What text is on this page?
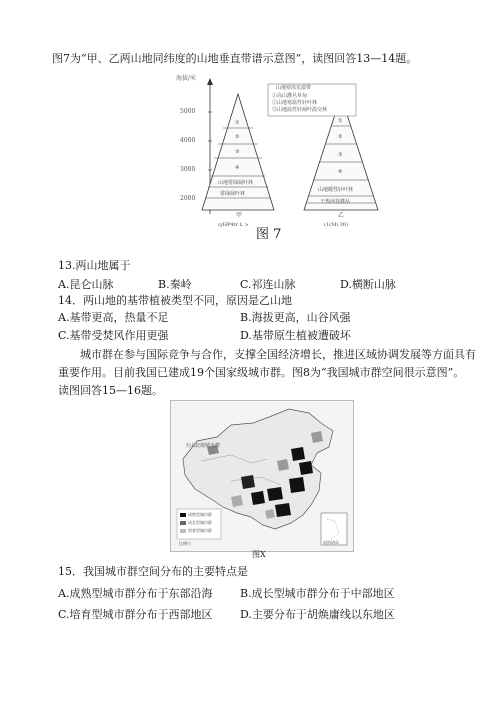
图7为“甲、乙两山地同纬度的山地垂直带谱示意图”，读图回答13—14题。
海拔/米
5000
4000
3000
2000
山地寒冻荒漠带
①高山灌丛草甸
②山地寒温性针叶林
③山地温性针阔叶混交林
①
②
③
④
山地常绿阔叶林
常绿阔叶林
①
②
③
④
山地暖性针叶林
干热河谷灌丛
甲
(yHP4tr L >
乙
(1(M) 30)
图 7
13.两山地属于
A.昆仑山脉	B.秦岭	C.祁连山脉	D.横断山脉
14．两山地的基带植被类型不同，原因是乙山地
A.基带更高，热量不足	B.海拔更高，山谷风强
C.基带受焚风作用更强	D.基带原生植被遭破坏
城市群在参与国际竞争与合作，支撑全国经济增长，推进区域协调发展等方面具有
重要作用。目前我国已建成19个国家级城市群。图8为“我国城市群空间很示意图”。
读图回答15—16题。
天山北坡城市群
成熟型城市群
成长型城市群
培育型城市群
比例尺	南海诸岛
图X
15．我国城市群空间分布的主要特点是
A.成熟型城市群分布于东部沿海	B.成长型城市群分布于中部地区
C.培育型城市群分布于西部地区 D.主要分布于胡焕庸线以东地区
